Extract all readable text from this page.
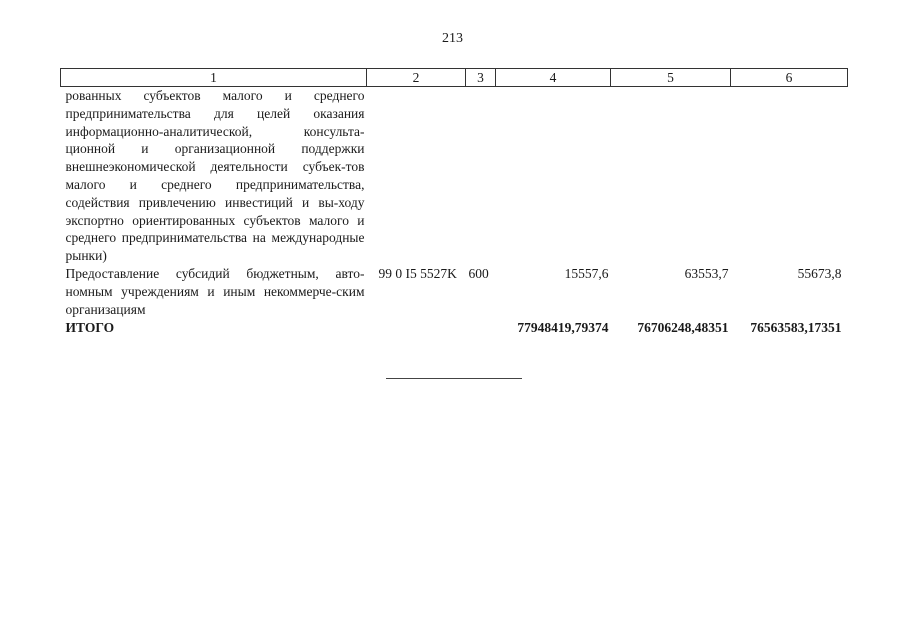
213
1	2	3	4	5	6
рованных субъектов малого и среднего предпринимательства для целей оказания информационно-аналитической, консульта-ционной и организационной поддержки внешнеэкономической деятельности субъек-тов малого и среднего предпринимательства, содействия привлечению инвестиций и вы-ходу экспортно ориентированных субъектов малого и среднего предпринимательства на международные рынки)					
Предоставление субсидий бюджетным, авто-номным учреждениям и иным некоммерче-ским организациям	99 0 I5 5527K	600	15557,6	63553,7	55673,8
ИТОГО			77948419,79374	76706248,48351	76563583,17351
